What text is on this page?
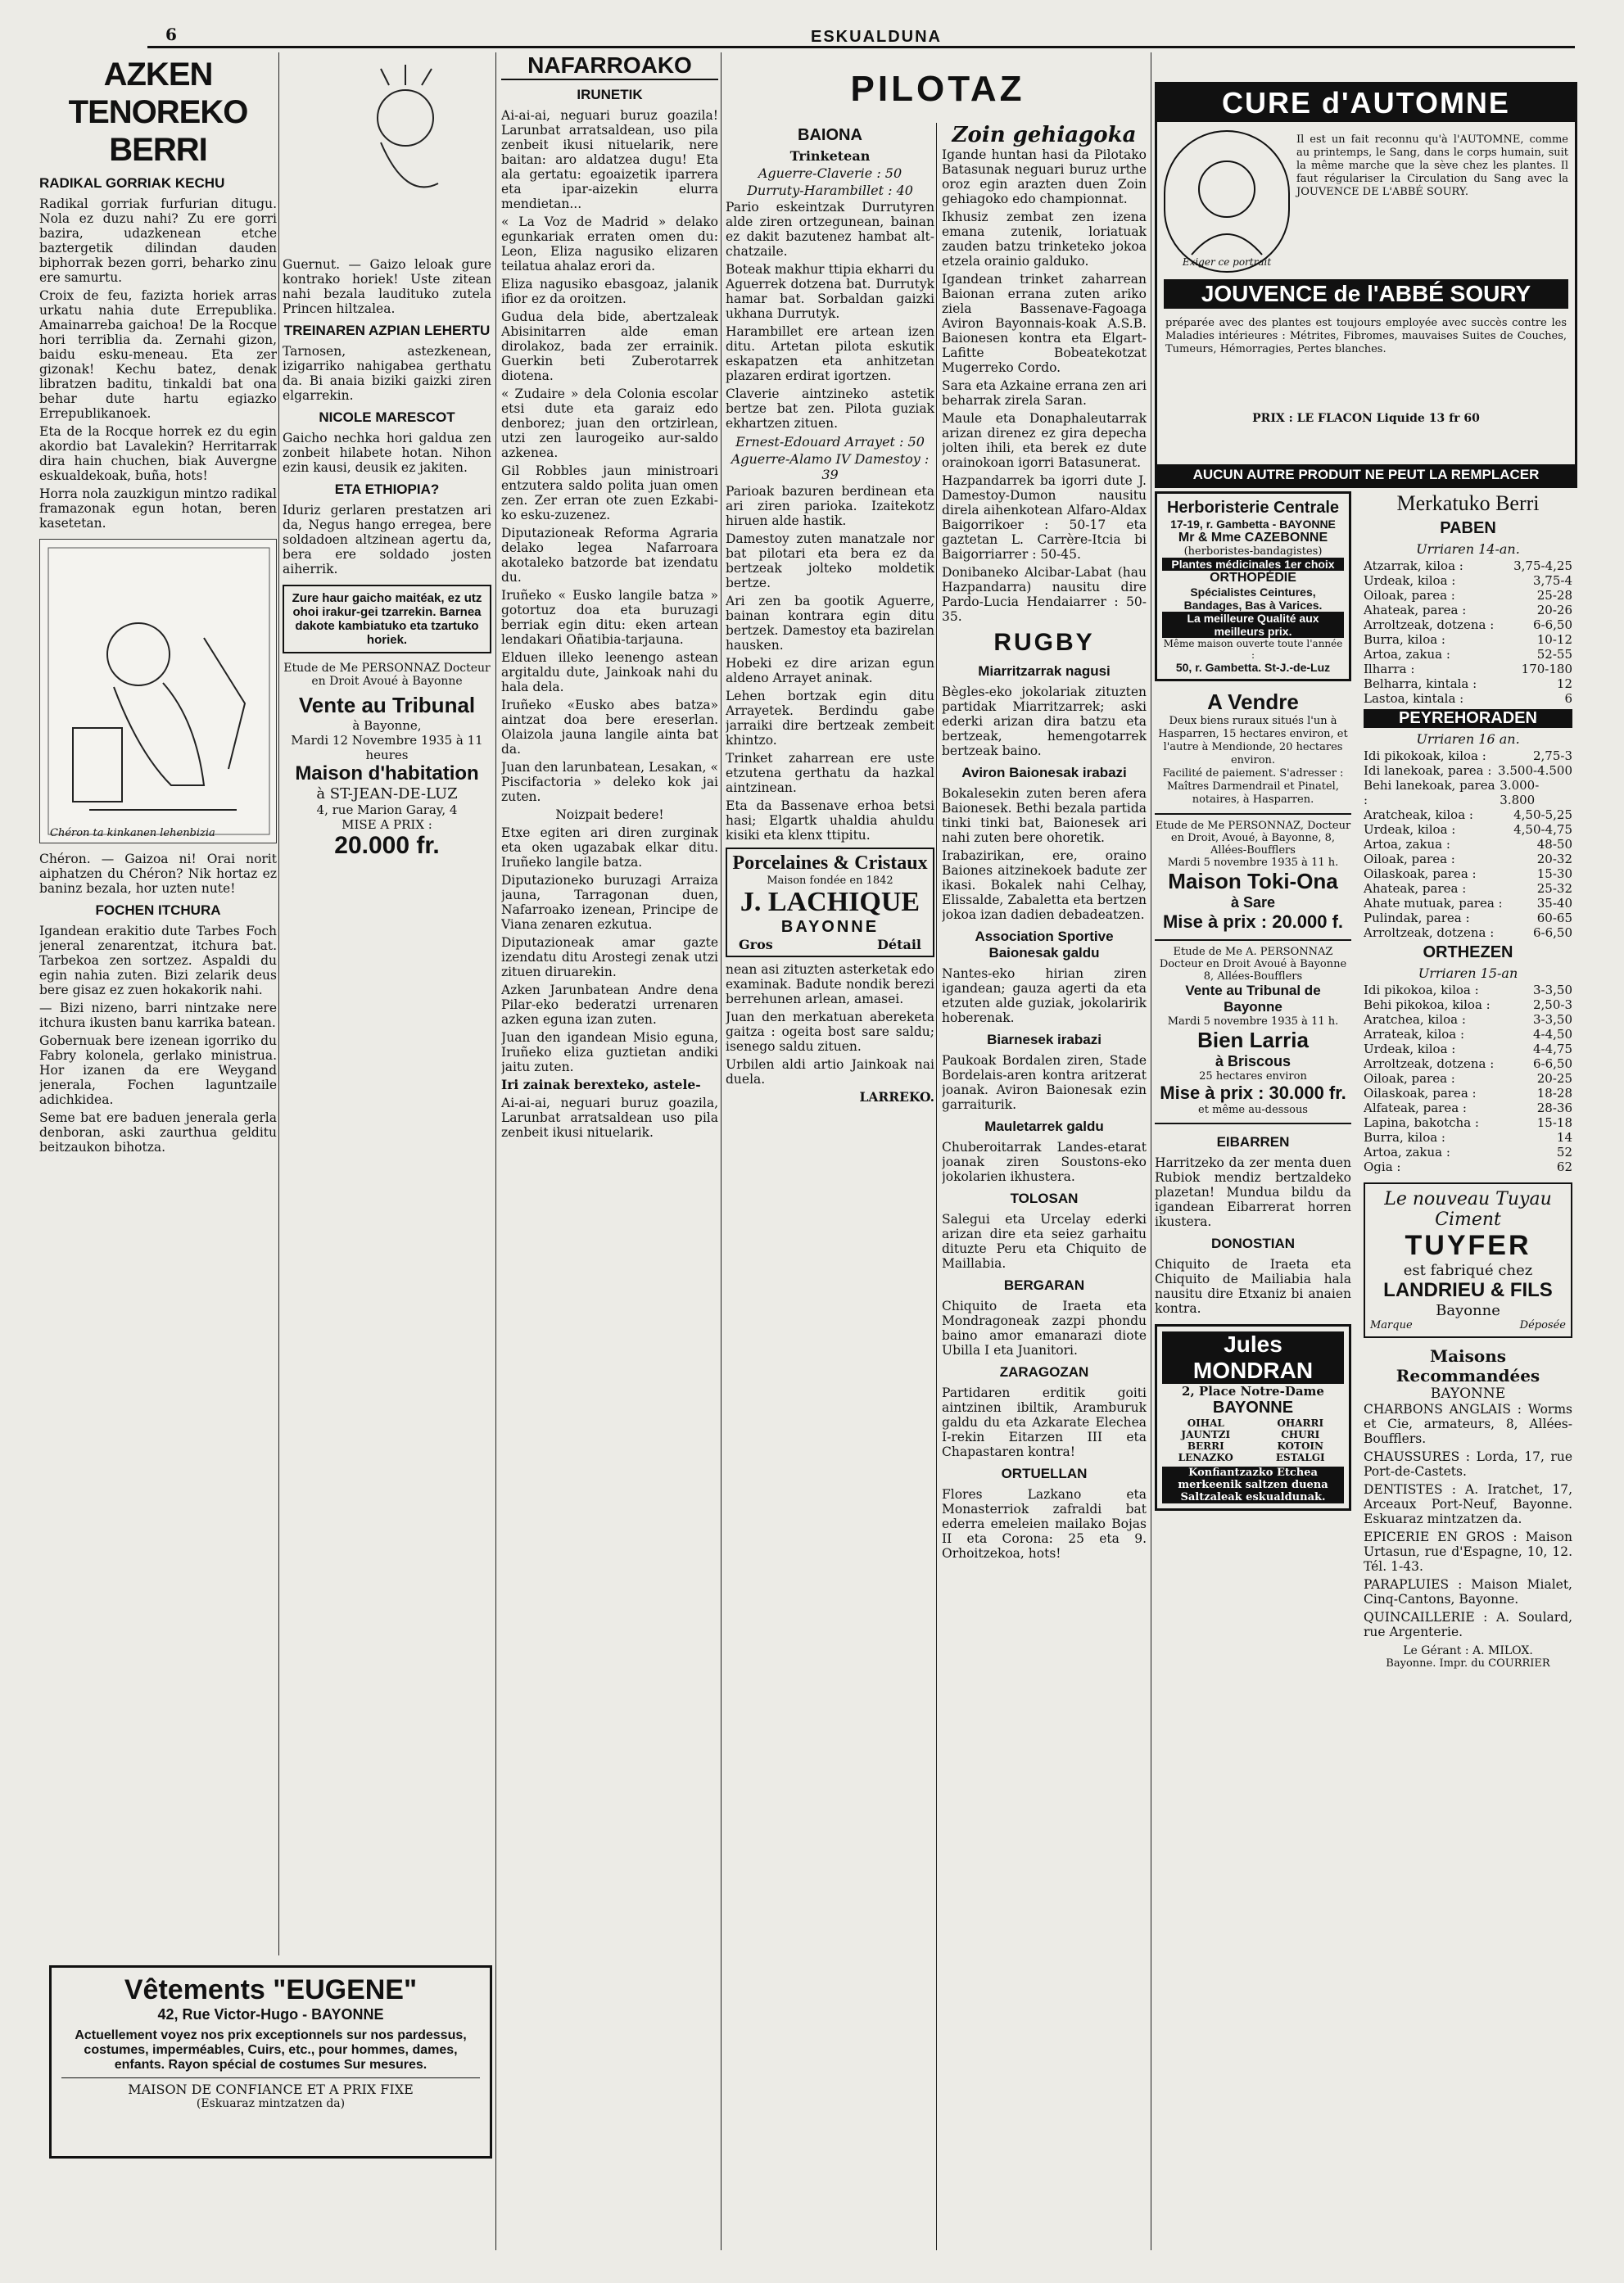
6	ESKUALDUNA
AZKEN TENOREKO BERRI
RADIKAL GORRIAK KECHU

Radikal gorriak furfurian ditugu. Nola ez duzu nahi? Zu ere gorri bazira, udazkenean etche baztergetik dilindan dauden biphorrak bezen gorri, beharko zinu ere samurtu.

Croix de feu, fazizta horiek arras urkatu nahia dute Errepublika. Amainarreba gaichoa! De la Rocque hori terriblia da. Zernahi gizon, baidu esku-meneau. Eta zer gizonak! Kechu batez, denak libratzen baditu, tinkaldi bat ona behar dute hartu egiazko Errepublikanoek.

Eta de la Rocque horrek ez du egin akordio bat Lavalekin? Herritarrak dira hain chuchen, biak Auvergne eskualdekoak, buña, hots!

Horra nola zauzkigun mintzo radikal framazonak egun hotan, beren kasetetan.

Chéron ta kinkanen lehenbizia

Chéron. — Gaizoa ni! Orai norit aiphatzen du Chéron? Nik hortaz ez baninz bezala, hor uzten nute!

FOCHEN ITCHURA

Igandean erakitio dute Tarbes Foch jeneral zenarentzat, itchura bat. Tarbekoa zen sortzez. Aspaldi du egin nahia zuten. Bizi zelarik deus bere gisaz ez zuen hokakorik nahi.

— Bizi nizeno, barri nintzake nere itchura ikusten banu karrika batean.

Gobernuak bere izenean igorriko du Fabry kolonela, gerlako ministrua. Hor izanen da ere Weygand jenerala, Fochen laguntzaile adichkidea.

Seme bat ere baduen jenerala gerla denboran, aski zaurthua gelditu beitzaukon bihotza.

Vêtements "EUGENE"
42, Rue Victor-Hugo - BAYONNE
Actuellement voyez nos prix exceptionnels sur nos pardessus, costumes, imperméables, Cuirs, etc., pour hommes, dames, enfants. Rayon spécial de costumes Sur mesures.
MAISON DE CONFIANCE ET A PRIX FIXE
(Eskuaraz mintzatzen da)

Guernut. — Gaizo leloak gure kontrako horiek! Uste zitean nahi bezala laudituko zutela Princen hiltzalea.

TREINAREN AZPIAN LEHERTU

Tarnosen, astezkenean, izigarriko nahigabea gerthatu da. Bi anaia biziki gaizki ziren elgarrekin.

NICOLE MARESCOT

Gaicho nechka hori galdua zen zonbeit hilabete hotan. Nihon ezin kausi, deusik ez jakiten.

ETA ETHIOPIA?

Iduriz gerlaren prestatzen ari da, Negus hango erregea, bere soldadoen altzinean agertu da, bera ere soldado josten aiherrik.

Zure haur gaicho maitéak, ez utz ohoi irakur-gei tzarrekin. Barnea dakote kambiatuko eta tzartuko horiek.
Etude de Me PERSONNAZ Docteur en Droit Avoué à Bayonne
Vente au Tribunal
à Bayonne,
Mardi 12 Novembre 1935 à 11 heures
Maison d'habitation
à ST-JEAN-DE-LUZ
4, rue Marion Garay, 4
MISE A PRIX :
20.000 fr.
NAFARROAKO
IRUNETIK

Ai-ai-ai, neguari buruz goazila! Larunbat arratsaldean, uso pila zenbeit ikusi nituelarik, nere baitan: aro aldatzea dugu! Eta ala gertatu: egoaizetik iparrera eta ipar-aizekin elurra mendietan...

« La Voz de Madrid » delako egunkariak erraten omen du: Leon, Eliza nagusiko elizaren teilatua ahalaz erori da.

Eliza nagusiko ebasgoaz, jalanik ifior ez da oroitzen.

Gudua dela bide, abertzaleak Abisinitarren alde eman dirolakoz, bada zer errainik. Guerkin beti Zuberotarrek diotena.

« Zudaire » dela Colonia escolar etsi dute eta garaiz edo denborez; juan den ortzirlean, utzi zen laurogeiko aur-saldo azkenea.

Gil Robbles jaun ministroari entzutera saldo polita juan omen zen. Zer erran ote zuen Ezkabi-ko esku-zuzenez.

Diputazioneak Reforma Agraria delako legea Nafarroara akotaleko batzorde bat izendatu du.

Iruñeko « Eusko langile batza » gotortuz doa eta buruzagi berriak egin ditu: eken artean lendakari Oñatibia-tarjauna.

Elduen illeko leenengo astean argitaldu dute, Jainkoak nahi du hala dela.

Iruñeko «Eusko abes batza» aintzat doa bere ereserlan. Olaizola jauna langile ainta bat da.

Juan den larunbatean, Lesakan, « Piscifactoria » deleko kok jai zuten.

Noizpait bedere!

Etxe egiten ari diren zurginak eta oken ugazabak elkar ditu. Iruñeko langile batza.

Diputazioneko buruzagi Arraiza jauna, Tarragonan duen, Nafarroako izenean, Principe de Viana zenaren ezkutua.

Diputazioneak amar gazte izendatu ditu Arostegi zenak utzi zituen diruarekin.

Azken Jarunbatean Andre dena Pilar-eko bederatzi urrenaren azken eguna izan zuten.

Juan den igandean Misio eguna, Iruñeko eliza guztietan andiki jaitu zuten.

Iri zainak berexteko, astele-

Ai-ai-ai, neguari buruz goazila, Larunbat arratsaldean uso pila zenbeit ikusi nituelarik.

PILOTAZ
BAIONA
Trinketean
Aguerre-Claverie : 50
Durruty-Harambillet : 40

Pario eskeintzak Durrutyren alde ziren ortzegunean, bainan ez dakit bazutenez hambat alt-chatzaile.

Boteak makhur ttipia ekharri du Aguerrek dotzena bat. Durrutyk hamar bat. Sorbaldan gaizki ukhana Durrutyk.

Harambillet ere artean izen ditu. Artetan pilota eskutik eskapatzen eta anhitzetan plazaren erdirat igortzen.

Claverie aintzineko astetik bertze bat zen. Pilota guziak ekhartzen zituen.

Ernest-Edouard Arrayet : 50
Aguerre-Alamo IV Damestoy : 39

Parioak bazuren berdinean eta ari ziren parioka. Izaitekotz hiruen alde hastik.

Damestoy zuten manatzale nor bat pilotari eta bera ez da bertzeak jolteko moldetik bertze.

Ari zen ba gootik Aguerre, bainan kontrara egin ditu bertzek. Damestoy eta bazirelan hausken.

Hobeki ez dire arizan egun aldeno Arrayet aninak.

Lehen bortzak egin ditu Arrayetek. Berdindu gabe jarraiki dire bertzeak zembeit khintzo.

Trinket zaharrean ere uste etzutena gerthatu da hazkal aintzinean.

Eta da Bassenave erhoa betsi hasi; Elgartk uhaldia ahuldu kisiki eta klenx ttipitu.

Porcelaines & Cristaux
Maison fondée en 1842
J. LACHIQUE
BAYONNE
Gros	Détail

nean asi zituzten asterketak edo examinak. Badute nondik berezi berrehunen arlean, amasei.

Juan den merkatuan abereketa gaitza : ogeita bost sare saldu; isenego saldu zituen.

Urbilen aldi artio Jainkoak nai duela.

LARREKO.

Zoin gehiagoka

Igande huntan hasi da Pilotako Batasunak neguari buruz urthe oroz egin arazten duen Zoin gehiagoko edo championnat.

Ikhusiz zembat zen izena emana zutenik, loriatuak zauden batzu trinketeko jokoa etzela orainio galduko.

Igandean trinket zaharrean Baionan errana zuten ariko ziela Bassenave-Fagoaga Aviron Bayonnais-koak A.S.B. Baionesen kontra eta Elgart-Lafitte Bobeatekotzat Mugerreko Cordo.

Sara eta Azkaine errana zen ari beharrak zirela Saran.

Maule eta Donaphaleutarrak arizan direnez ez gira depecha jolten ihili, eta berek ez dute orainokoan igorri Batasunerat.

Hazpandarrek ba igorri dute J. Damestoy-Dumon nausitu direla aihenkotean Alfaro-Aldax Baigorrikoer : 50-17 eta gaztetan L. Carrère-Itcia bi Baigorriarrer : 50-45.

Donibaneko Alcibar-Labat (hau Hazpandarra) nausitu dire Pardo-Lucia Hendaiarrer : 50-35.

RUGBY
Miarritzarrak nagusi

Bègles-eko jokolariak zituzten partidak Miarritzarrek; aski ederki arizan dira batzu eta bertzeak, hemengotarrek bertzeak baino.

Aviron Baionesak irabazi

Bokalesekin zuten beren afera Baionesek. Bethi bezala partida tinki tinki bat, Baionesek ari nahi zuten bere ohoretik.

Irabazirikan, ere, oraino Baiones aitzinekoek badute zer ikasi. Bokalek nahi Celhay, Elissalde, Zabaletta eta bertzen jokoa izan dadien debadeatzen.

Association Sportive Baionesak galdu

Nantes-eko hirian ziren igandean; gauza agerti da eta etzuten alde guziak, jokolaririk hoberenak.

Biarnesek irabazi

Paukoak Bordalen ziren, Stade Bordelais-aren kontra aritzerat joanak. Aviron Baionesak ezin garraiturik.

Mauletarrek galdu

Chuberoitarrak Landes-etarat joanak ziren Soustons-eko jokolarien ikhustera.

TOLOSAN

Salegui eta Urcelay ederki arizan dire eta seiez garhaitu dituzte Peru eta Chiquito de Maillabia.

BERGARAN

Chiquito de Iraeta eta Mondragoneak zazpi phondu baino amor emanarazi diote Ubilla I eta Juanitori.

ZARAGOZAN

Partidaren erditik goiti aintzinen ibiltik, Aramburuk galdu du eta Azkarate Elechea I-rekin Eitarzen III eta Chapastaren kontra!

ORTUELLAN

Flores Lazkano eta Monasterriok zafraldi bat ederra emeleien mailako Bojas II eta Corona: 25 eta 9. Orhoitzekoa, hots!

CURE d'AUTOMNE
Exiger ce portrait
Il est un fait reconnu qu'à l'AUTOMNE, comme au printemps, le Sang, dans le corps humain, suit la même marche que la sève chez les plantes. Il faut régulariser la Circulation du Sang avec la JOUVENCE DE L'ABBÉ SOURY.
JOUVENCE de l'ABBÉ SOURY
préparée avec des plantes est toujours employée avec succès contre les Maladies intérieures : Métrites, Fibromes, mauvaises Suites de Couches, Tumeurs, Hémorragies, Pertes blanches.
PRIX : LE FLACON Liquide 13 fr 60
AUCUN AUTRE PRODUIT NE PEUT LA REMPLACER
Herboristerie Centrale
17-19, r. Gambetta - BAYONNE
Mr & Mme CAZEBONNE
(herboristes-bandagistes)
Plantes médicinales 1er choix
ORTHOPÉDIE
Spécialistes Ceintures, Bandages, Bas à Varices.
La meilleure Qualité aux meilleurs prix.
Même maison ouverte toute l'année :
50, r. Gambetta. St-J.-de-Luz
A Vendre
Deux biens ruraux situés l'un à Hasparren, 15 hectares environ, et l'autre à Mendionde, 20 hectares environ.
Facilité de paiement. S'adresser : Maîtres Darmendrail et Pinatel, notaires, à Hasparren.
Etude de Me PERSONNAZ, Docteur en Droit, Avoué, à Bayonne, 8, Allées-Boufflers
Mardi 5 novembre 1935 à 11 h.
Maison Toki-Ona
à Sare
Mise à prix : 20.000 f.
Etude de Me A. PERSONNAZ Docteur en Droit Avoué à Bayonne 8, Allées-Boufflers
Vente au Tribunal de Bayonne
Mardi 5 novembre 1935 à 11 h.
Bien Larria
à Briscous
25 hectares environ
Mise à prix : 30.000 fr.
et même au-dessous
EIBARREN

Harritzeko da zer menta duen Rubiok mendiz bertzaldeko plazetan! Mundua bildu da igandean Eibarrerat horren ikustera.

DONOSTIAN

Chiquito de Iraeta eta Chiquito de Mailiabia hala nausitu dire Etxaniz bi anaien kontra.

Jules MONDRAN
2, Place Notre-Dame
BAYONNE
OIHAL JAUNTZI BERRI LENAZKO
OHARRI CHURI KOTOIN ESTALGI
Konfiantzazko Etchea merkeenik saltzen duena Saltzaleak eskualdunak.
Merkatuko Berri
PABEN
Urriaren 14-an.
Atzarrak, kiloa :	3,75-4,25
Urdeak, kiloa :	3,75-4
Oiloak, parea :	25-28
Ahateak, parea :	20-26
Arroltzeak, dotzena :	6-6,50
Burra, kiloa :	10-12
Artoa, zakua :	52-55
Ilharra :	170-180
Belharra, kintala :	12
Lastoa, kintala :	6
PEYREHORADEN
Urriaren 16 an.
Idi pikokoak, kiloa :	2,75-3
Idi lanekoak, parea : 3.500-4.500
Behi lanekoak, parea :
3.000-3.800
Aratcheak, kiloa :	4,50-5,25
Urdeak, kiloa :	4,50-4,75
Artoa, zakua :	48-50
Oiloak, parea :	20-32
Oilaskoak, parea :	15-30
Ahateak, parea :	25-32
Ahate mutuak, parea :	35-40
Pulindak, parea :	60-65
Arroltzeak, dotzena :	6-6,50
ORTHEZEN
Urriaren 15-an
Idi pikokoa, kiloa :	3-3,50
Behi pikokoa, kiloa :	2,50-3
Aratchea, kiloa :	3-3,50
Arrateak, kiloa :	4-4,50
Urdeak, kiloa :	4-4,75
Arroltzeak, dotzena :	6-6,50
Oiloak, parea :	20-25
Oilaskoak, parea :	18-28
Alfateak, parea :	28-36
Lapina, bakotcha :	15-18
Burra, kiloa :	14
Artoa, zakua :	52
Ogia :	62
Le nouveau Tuyau Ciment
TUYFER
est fabriqué chez
LANDRIEU & FILS
Bayonne
Marque	Déposée
Maisons Recommandées
BAYONNE

CHARBONS ANGLAIS : Worms et Cie, armateurs, 8, Allées-Boufflers.

CHAUSSURES : Lorda, 17, rue Port-de-Castets.

DENTISTES : A. Iratchet, 17, Arceaux Port-Neuf, Bayonne. Eskuaraz mintzatzen da.

EPICERIE EN GROS : Maison Urtasun, rue d'Espagne, 10, 12. Tél. 1-43.

PARAPLUIES : Maison Mialet, Cinq-Cantons, Bayonne.

QUINCAILLERIE : A. Soulard, rue Argenterie.

Le Gérant : A. MILOX.
Bayonne. Impr. du COURRIER
